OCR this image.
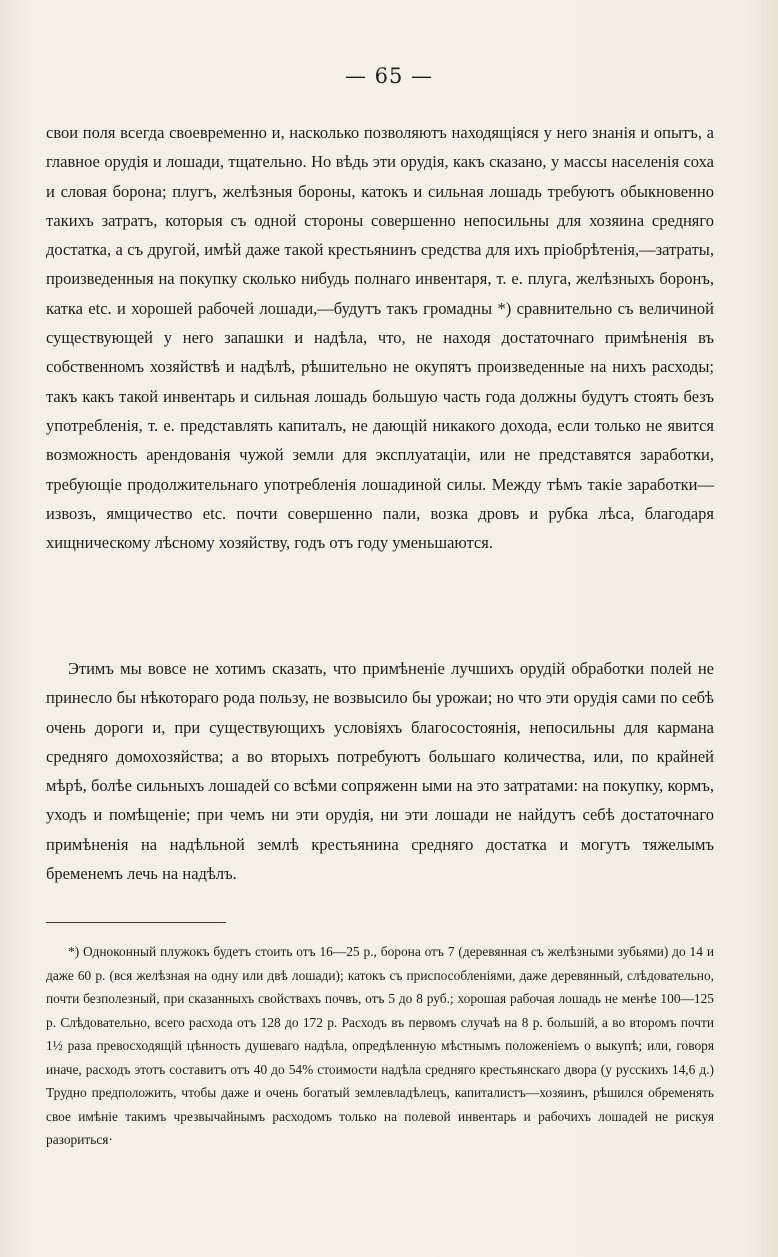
— 65 —

свои поля всегда своевременно и, насколько позволяютъ находящіяся у него знанія и опытъ, а главное орудія и лошади, тщательно. Но вѣдь эти орудія, какъ сказано, у массы населенія соха и словая борона; плугъ, желѣзныя бороны, катокъ и сильная лошадь требуютъ обыкновенно такихъ затратъ, которыя съ одной стороны совершенно непосильны для хозяина средняго достатка, а съ другой, имѣй даже такой крестьянинъ средства для ихъ пріобрѣтенія,—затраты, произведенныя на покупку сколько нибудь полнаго инвентаря, т. е. плуга, желѣзныхъ боронъ, катка etc. и хорошей рабочей лошади,—будутъ такъ громадны *) сравнительно съ величиной существующей у него запашки и надѣла, что, не находя достаточнаго примѣненія въ собственномъ хозяйствѣ и надѣлѣ, рѣшительно не окупятъ произведенные на нихъ расходы; такъ какъ такой инвентарь и сильная лошадь большую часть года должны будутъ стоять безъ употребленія, т. е. представлять капиталъ, не дающій никакого дохода, если только не явится возможность арендованія чужой земли для эксплуатаціи, или не представятся заработки, требующіе продолжительнаго употребленія лошадиной силы. Между тѣмъ такіе заработки—извозъ, ямщичество etc. почти совершенно пали, возка дровъ и рубка лѣса, благодаря хищническому лѣсному хозяйству, годъ отъ году уменьшаются.

Этимъ мы вовсе не хотимъ сказать, что примѣненіе лучшихъ орудій обработки полей не принесло бы нѣкотораго рода пользу, не возвысило бы урожаи; но что эти орудія сами по себѣ очень дороги и, при существующихъ условіяхъ благосостоянія, непосильны для кармана средняго домохозяйства; а во вторыхъ потребуютъ большаго количества, или, по крайней мѣрѣ, болѣе сильныхъ лошадей со всѣми сопряженн ыми на это затратами: на покупку, кормъ, уходъ и помѣщеніе; при чемъ ни эти орудія, ни эти лошади не найдутъ себѣ достаточнаго примѣненія на надѣльной землѣ крестьянина средняго достатка и могутъ тяжелымъ бременемъ лечь на надѣлъ.

*) Одноконный плужокъ будетъ стоить отъ 16—25 р., борона отъ 7 (деревянная съ желѣзными зубьями) до 14 и даже 60 р. (вся желѣзная на одну или двѣ лошади); катокъ съ приспособленіями, даже деревянный, слѣдовательно, почти безполезный, при сказанныхъ свойствахъ почвъ, отъ 5 до 8 руб.; хорошая рабочая лошадь не менѣе 100—125 р. Слѣдовательно, всего расхода отъ 128 до 172 р. Расходъ въ первомъ случаѣ на 8 р. большій, а во второмъ почти 1½ раза превосходящій цѣнность душеваго надѣла, опредѣленную мѣстнымъ положеніемъ о выкупѣ; или, говоря иначе, расходъ этотъ составитъ отъ 40 до 54% стоимости надѣла средняго крестьянскаго двора (у русскихъ 14,6 д.) Трудно предположить, чтобы даже и очень богатый землевладѣлецъ, капиталистъ—хозяинъ, рѣшился обременять свое имѣніе такимъ чрезвычайнымъ расходомъ только на полевой инвентарь и рабочихъ лошадей не рискуя разориться·
